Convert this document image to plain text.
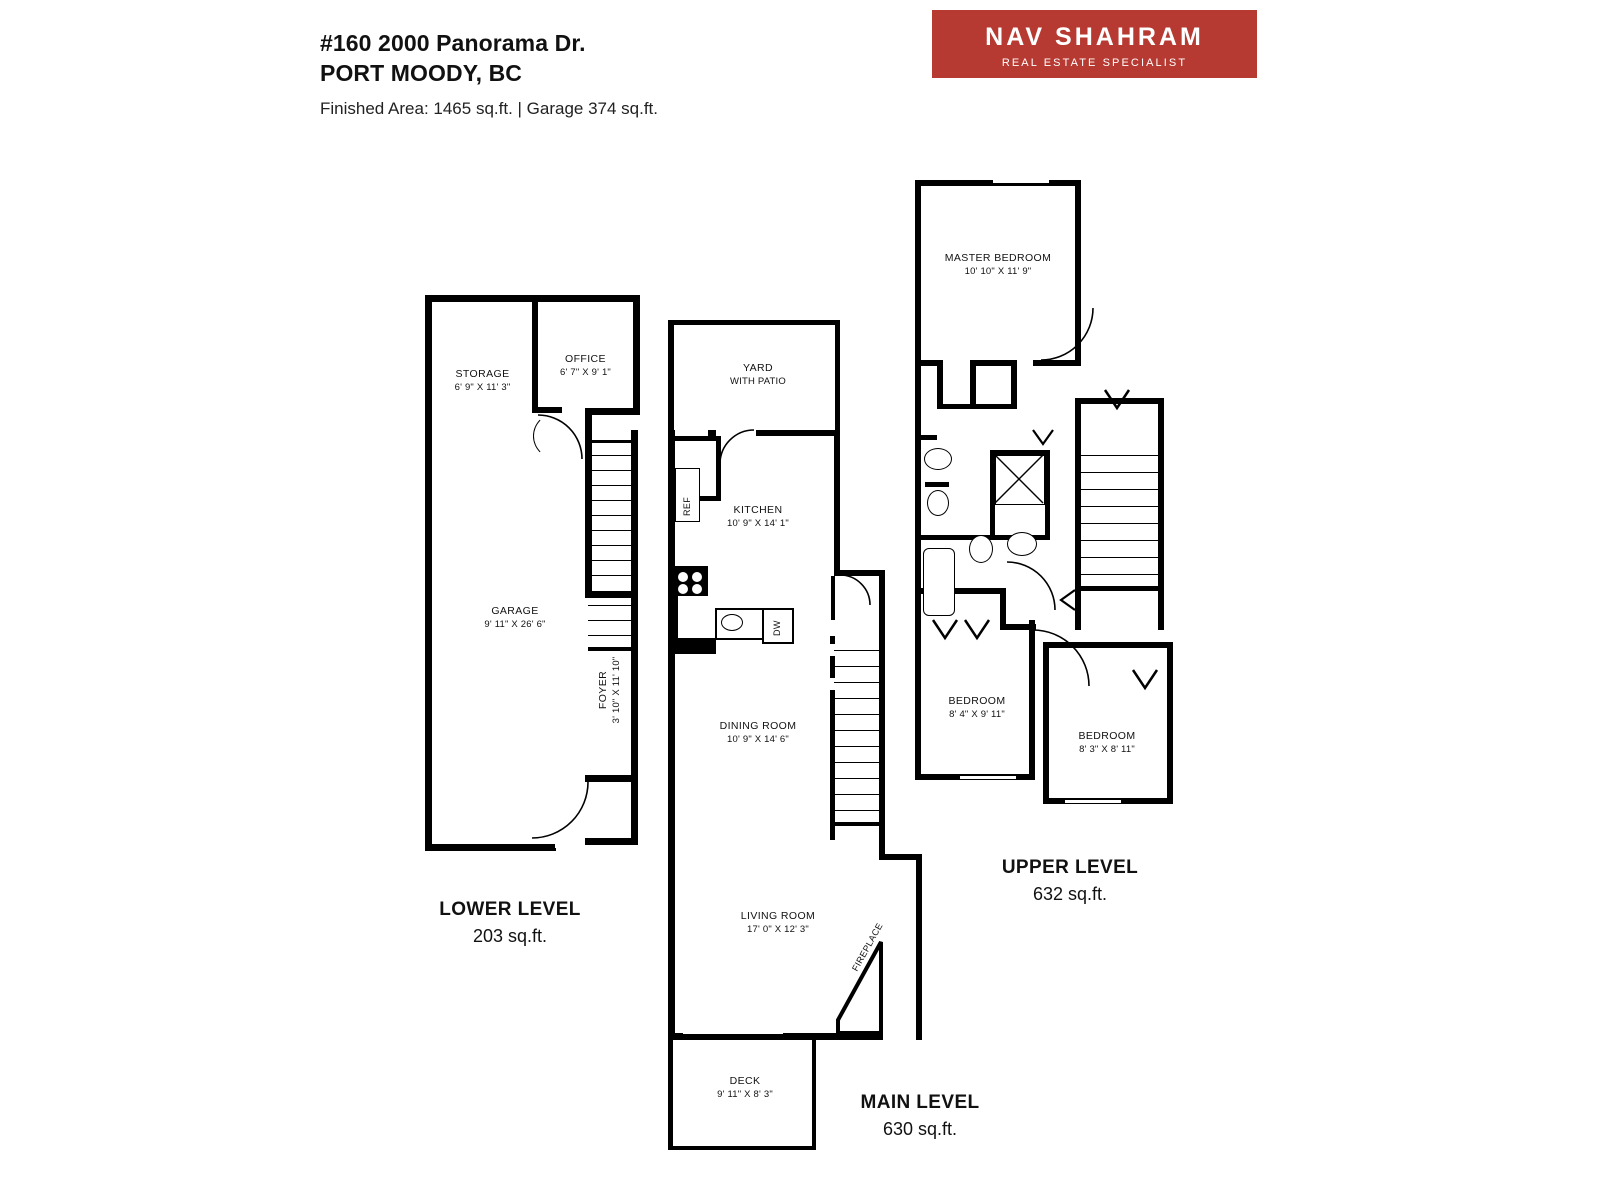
#160 2000 Panorama Dr.
PORT MOODY, BC
Finished Area: 1465 sq.ft. | Garage 374 sq.ft.
NAV SHAHRAM
REAL ESTATE SPECIALIST
STORAGE
6' 9" X 11' 3"
OFFICE
6' 7" X 9' 1"
GARAGE
9' 11" X 26' 6"
FOYER 3' 10" X 11' 10"
LOWER LEVEL
203 sq.ft.
REF
DW
FIREPLACE
YARD
WITH PATIO
KITCHEN
10' 9" X 14' 1"
DINING ROOM
10' 9" X 14' 6"
LIVING ROOM
17' 0" X 12' 3"
DECK
9' 11" X 8' 3"	MAIN LEVEL
630 sq.ft.
MASTER BEDROOM
10' 10" X 11' 9"
BEDROOM
8' 4" X 9' 11"
BEDROOM
8' 3" X 8' 11"
UPPER LEVEL
632 sq.ft.
